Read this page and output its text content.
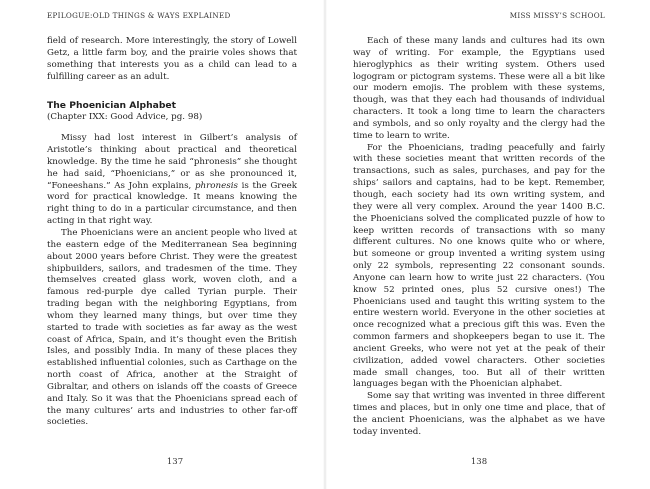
EPILOGUE:OLD THINGS & WAYS EXPLAINED

field of research. More interestingly, the story of Lowell Getz, a little farm boy, and the prairie voles shows that something that interests you as a child can lead to a fulfilling career as an adult.

The Phoenician Alphabet

(Chapter IXX: Good Advice, pg. 98)

Missy had lost interest in Gilbert’s analysis of Aristotle’s thinking about practical and theoretical knowledge. By the time he said “phronesis” she thought he had said, “Phoenicians,” or as she pronounced it, “Foneeshans.” As John explains, phronesis is the Greek word for practical knowledge. It means knowing the right thing to do in a particular circumstance, and then acting in that right way.

The Phoenicians were an ancient people who lived at the eastern edge of the Mediterranean Sea beginning about 2000 years before Christ. They were the greatest shipbuilders, sailors, and tradesmen of the time. They themselves created glass work, woven cloth, and a famous red-purple dye called Tyrian purple. Their trading began with the neighboring Egyptians, from whom they learned many things, but over time they started to trade with societies as far away as the west coast of Africa, Spain, and it’s thought even the British Isles, and possibly India. In many of these places they established influential colonies, such as Carthage on the north coast of Africa, another at the Straight of Gibraltar, and others on islands off the coasts of Greece and Italy. So it was that the Phoenicians spread each of the many cultures’ arts and industries to other far-off societies.

137
MISS MISSY’S SCHOOL

Each of these many lands and cultures had its own way of writing. For example, the Egyptians used hieroglyphics as their writing system. Others used logogram or pictogram systems. These were all a bit like our modern emojis. The problem with these systems, though, was that they each had thousands of individual characters. It took a long time to learn the characters and symbols, and so only royalty and the clergy had the time to learn to write.

For the Phoenicians, trading peacefully and fairly with these societies meant that written records of the transactions, such as sales, purchases, and pay for the ships’ sailors and captains, had to be kept. Remember, though, each society had its own writing system, and they were all very complex. Around the year 1400 B.C. the Phoenicians solved the complicated puzzle of how to keep written records of transactions with so many different cultures. No one knows quite who or where, but someone or group invented a writing system using only 22 symbols, representing 22 consonant sounds. Anyone can learn how to write just 22 characters. (You know 52 printed ones, plus 52 cursive ones!) The Phoenicians used and taught this writing system to the entire western world. Everyone in the other societies at once recognized what a precious gift this was. Even the common farmers and shopkeepers began to use it. The ancient Greeks, who were not yet at the peak of their civilization, added vowel characters. Other societies made small changes, too. But all of their written languages began with the Phoenician alphabet.

Some say that writing was invented in three different times and places, but in only one time and place, that of the ancient Phoenicians, was the alphabet as we have today invented.

138
